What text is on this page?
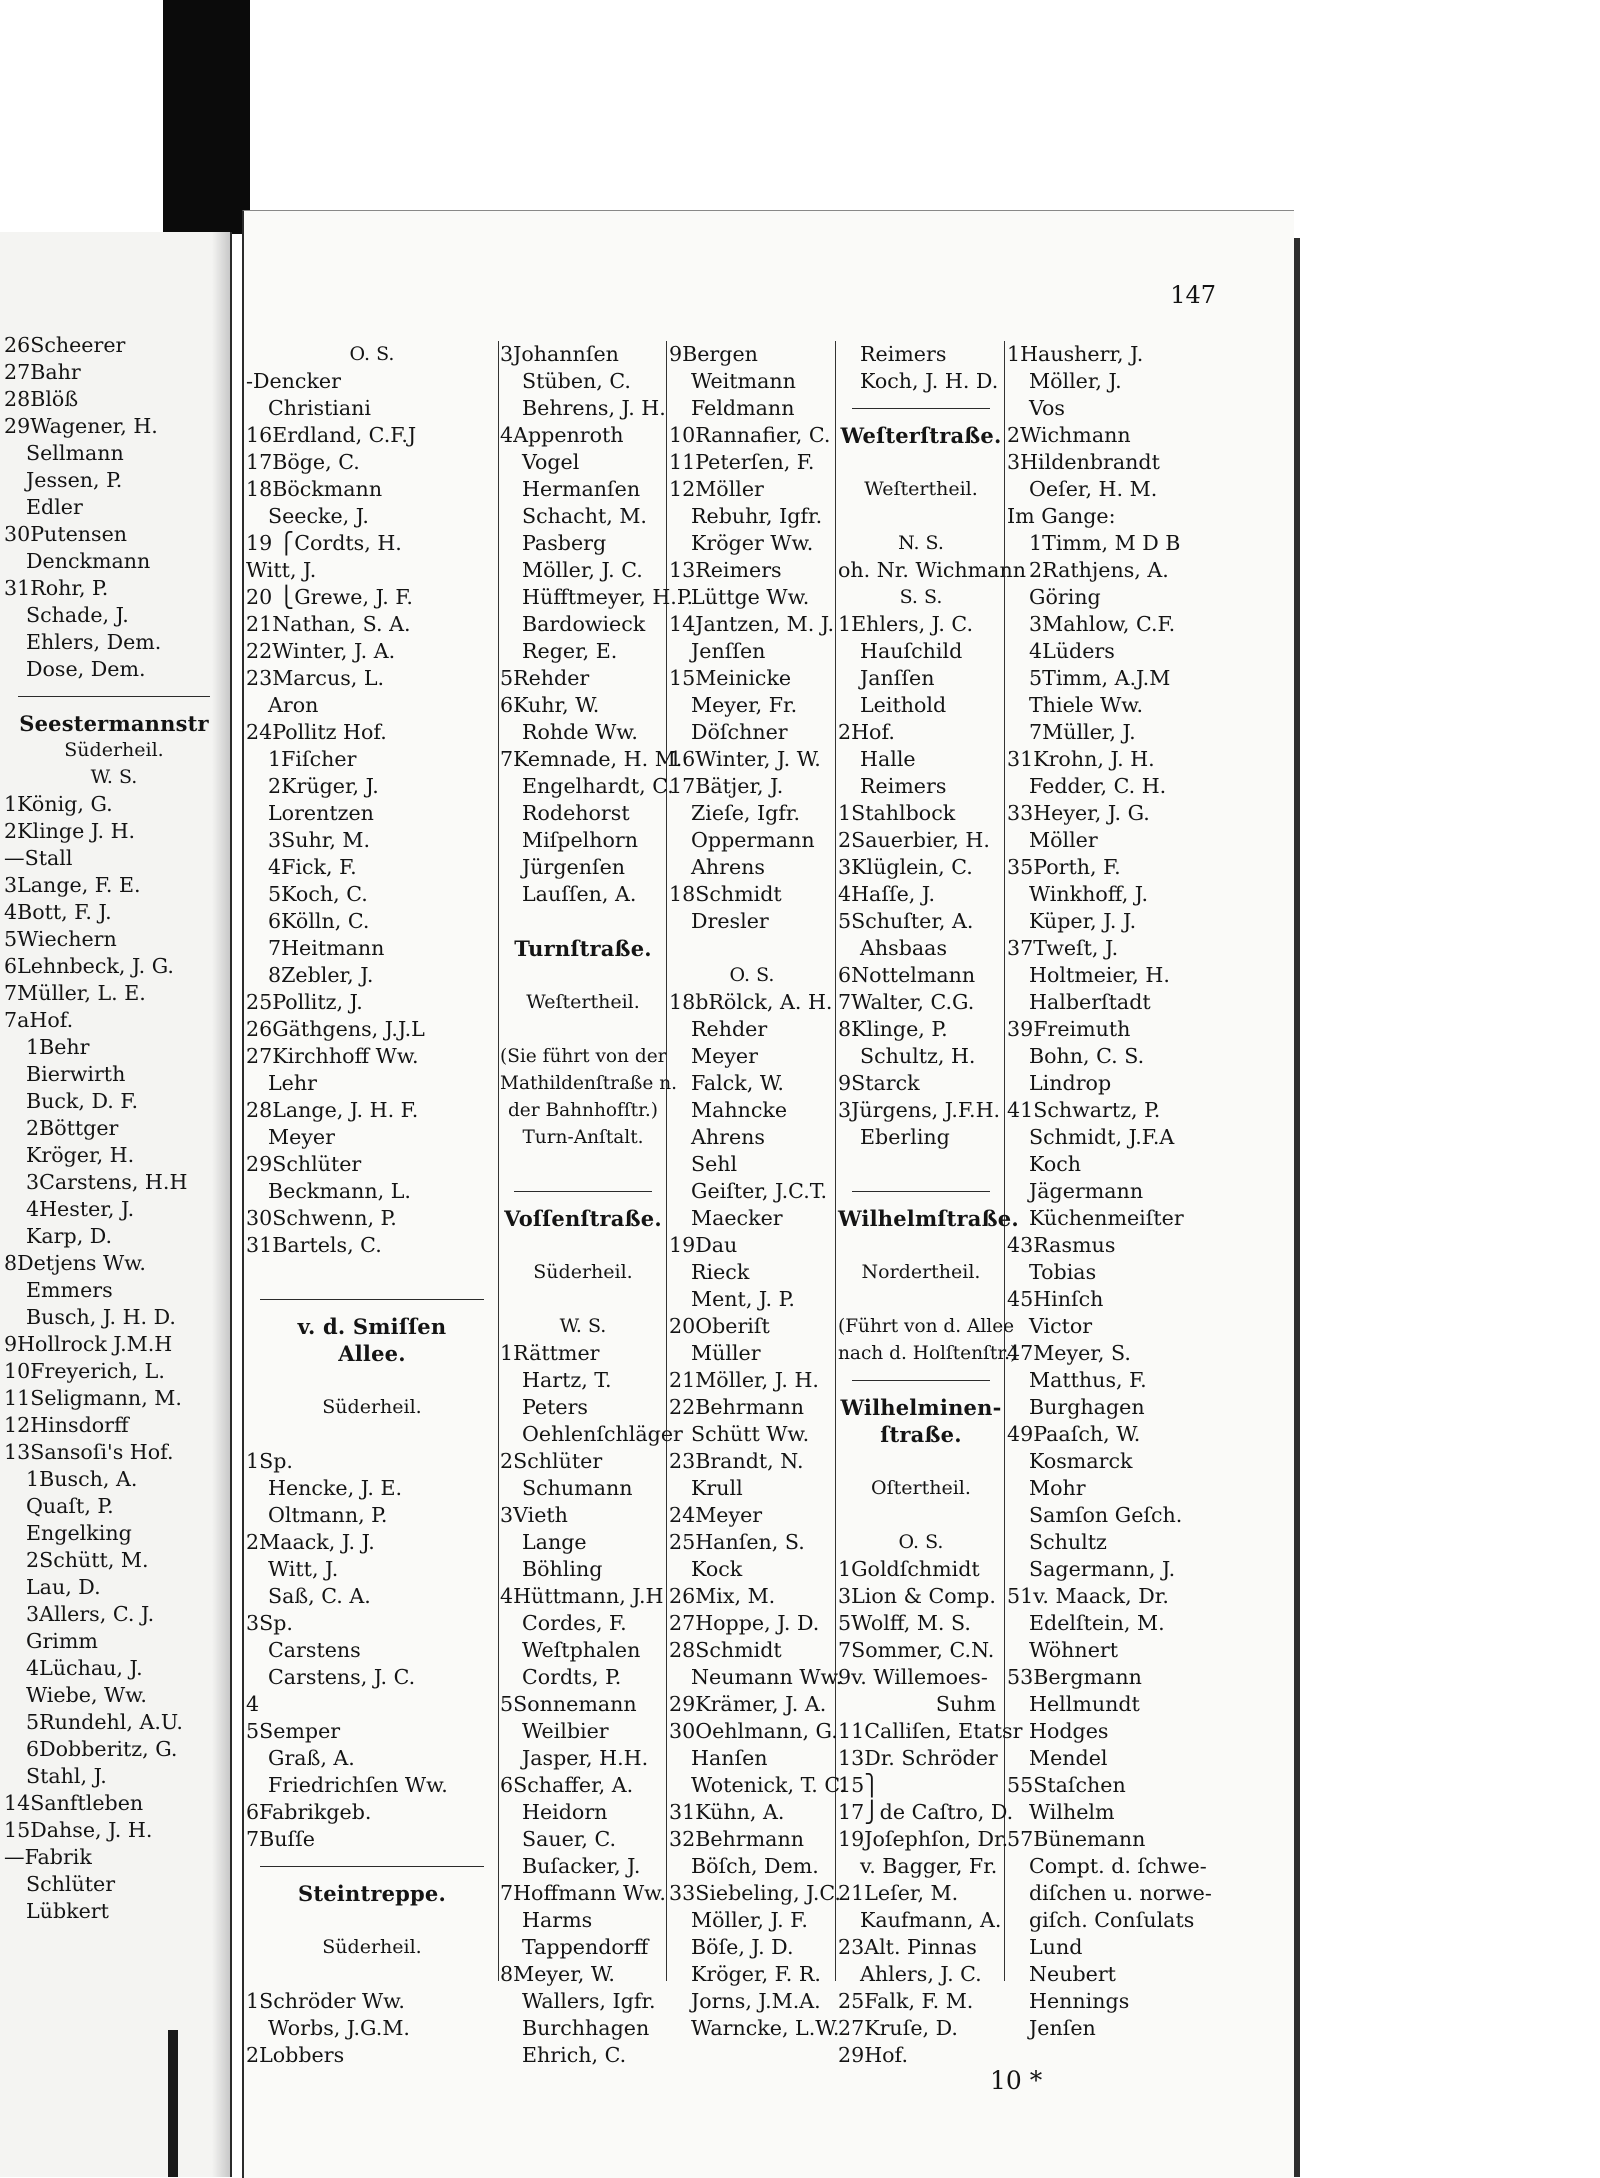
26Scheerer
27Bahr
28Blöß
29Wagener, H.
Sellmann
Jessen, P.
Edler
30Putensen
Denckmann
31Rohr, P.
Schade, J.
Ehlers, Dem.
Dose, Dem.
Seestermannstr
Süderheil.
W. S.
1König, G.
2Klinge J. H.
—Stall
3Lange, F. E.
4Bott, F. J.
5Wiechern
6Lehnbeck, J. G.
7Müller, L. E.
7aHof.
1Behr
Bierwirth
Buck, D. F.
2Böttger
Kröger, H.
3Carstens, H.H
4Hester, J.
Karp, D.
8Detjens Ww.
Emmers
Busch, J. H. D.
9Hollrock J.M.H
10Freyerich, L.
11Seligmann, M.
12Hinsdorff
13Sansoſi's Hof.
1Busch, A.
Quaſt, P.
Engelking
2Schütt, M.
Lau, D.
3Allers, C. J.
Grimm
4Lüchau, J.
Wiebe, Ww.
5Rundehl, A.U.
6Dobberitz, G.
Stahl, J.
14Sanftleben
15Dahse, J. H.
—Fabrik
Schlüter
Lübkert
147
O. S.
-Dencker
Christiani
16Erdland, C.F.J
17Böge, C.
18Böckmann
Seecke, J.
19 ⎧Cordts, H.
Witt, J.
20 ⎩Grewe, J. F.
21Nathan, S. A.
22Winter, J. A.
23Marcus, L.
Aron
24Pollitz Hof.
1Fiſcher
2Krüger, J.
Lorentzen
3Suhr, M.
4Fick, F.
5Koch, C.
6Kölln, C.
7Heitmann
8Zebler, J.
25Pollitz, J.
26Gäthgens, J.J.L
27Kirchhoff Ww.
Lehr
28Lange, J. H. F.
Meyer
29Schlüter
Beckmann, L.
30Schwenn, P.
31Bartels, C.
v. d. Smiſſen
Allee.
Süderheil.
1Sp.
Hencke, J. E.
Oltmann, P.
2Maack, J. J.
Witt, J.
Saß, C. A.
3Sp.
Carstens
Carstens, J. C.
4
5Semper
Graß, A.
Friedrichſen Ww.
6Fabrikgeb.
7Buſſe
Steintreppe.
Süderheil.
1Schröder Ww.
Worbs, J.G.M.
2Lobbers
3Johannſen
Stüben, C.
Behrens, J. H.
4Appenroth
Vogel
Hermanſen
Schacht, M.
Pasberg
Möller, J. C.
Hüfftmeyer, H.P.
Bardowieck
Reger, E.
5Rehder
6Kuhr, W.
Rohde Ww.
7Kemnade, H. M.
Engelhardt, C.
Rodehorst
Miſpelhorn
Jürgenſen
Lauſſen, A.
Turnſtraße.
Weſtertheil.
(Sie führt von der
Mathildenſtraße n.
der Bahnhofſtr.)
Turn-Anſtalt.
Voſſenſtraße.
Süderheil.
W. S.
1Rättmer
Hartz, T.
Peters
Oehlenſchläger
2Schlüter
Schumann
3Vieth
Lange
Böhling
4Hüttmann, J.H
Cordes, F.
Weſtphalen
Cordts, P.
5Sonnemann
Weilbier
Jasper, H.H.
6Schaffer, A.
Heidorn
Sauer, C.
Buſacker, J.
7Hoffmann Ww.
Harms
Tappendorff
8Meyer, W.
Wallers, Igfr.
Burchhagen
Ehrich, C.
9Bergen
Weitmann
Feldmann
10Rannafier, C.
11Peterſen, F.
12Möller
Rebuhr, Igfr.
Kröger Ww.
13Reimers
Lüttge Ww.
14Jantzen, M. J.
Jenſſen
15Meinicke
Meyer, Fr.
Döſchner
16Winter, J. W.
17Bätjer, J.
Zieſe, Igfr.
Oppermann
Ahrens
18Schmidt
Dresler
O. S.
18bRölck, A. H.
Rehder
Meyer
Falck, W.
Mahncke
Ahrens
Sehl
Geiſter, J.C.T.
Maecker
19Dau
Rieck
Ment, J. P.
20Oberiſt
Müller
21Möller, J. H.
22Behrmann
Schütt Ww.
23Brandt, N.
Krull
24Meyer
25Hanſen, S.
Kock
26Mix, M.
27Hoppe, J. D.
28Schmidt
Neumann Ww.
29Krämer, J. A.
30Oehlmann, G.
Hanſen
Wotenick, T. C.
31Kühn, A.
32Behrmann
Böſch, Dem.
33Siebeling, J.C.
Möller, J. F.
Böſe, J. D.
Kröger, F. R.
Jorns, J.M.A.
Warncke, L.W.
Reimers
Koch, J. H. D.
Weſterſtraße.
Weſtertheil.
N. S.
oh. Nr. Wichmann
S. S.
1Ehlers, J. C.
Hauſchild
Janſſen
Leithold
2Hof.
Halle
Reimers
1Stahlbock
2Sauerbier, H.
3Klüglein, C.
4Haſſe, J.
5Schuſter, A.
Ahsbaas
6Nottelmann
7Walter, C.G.
8Klinge, P.
Schultz, H.
9Starck
3Jürgens, J.F.H.
Eberling
Wilhelmſtraße.
Nordertheil.
(Führt von d. Allee
nach d. Holſtenſtr.)
Wilhelminen-
ſtraße.
Oſtertheil.
O. S.
1Goldſchmidt
3Lion & Comp.
5Wolff, M. S.
7Sommer, C.N.
9v. Willemoes-
Suhm
11Calliſen, Etatsr
13Dr. Schröder
15⎫
17⎭de Caſtro, D.
19Joſephſon, Dr.
v. Bagger, Fr.
21Leſer, M.
Kaufmann, A.
23Alt. Pinnas
Ahlers, J. C.
25Falk, F. M.
27Kruſe, D.
29Hof.
1Hausherr, J.
Möller, J.
Vos
2Wichmann
3Hildenbrandt
Oeſer, H. M.
Im Gange:
1Timm, M D B
2Rathjens, A.
Göring
3Mahlow, C.F.
4Lüders
5Timm, A.J.M
Thiele Ww.
7Müller, J.
31Krohn, J. H.
Fedder, C. H.
33Heyer, J. G.
Möller
35Porth, F.
Winkhoff, J.
Küper, J. J.
37Tweſt, J.
Holtmeier, H.
Halberſtadt
39Freimuth
Bohn, C. S.
Lindrop
41Schwartz, P.
Schmidt, J.F.A
Koch
Jägermann
Küchenmeiſter
43Rasmus
Tobias
45Hinſch
Victor
47Meyer, S.
Matthus, F.
Burghagen
49Paaſch, W.
Kosmarck
Mohr
Samſon Geſch.
Schultz
Sagermann, J.
51v. Maack, Dr.
Edelſtein, M.
Wöhnert
53Bergmann
Hellmundt
Hodges
Mendel
55Staſchen
Wilhelm
57Bünemann
Compt. d. ſchwe-
diſchen u. norwe-
giſch. Conſulats
Lund
Neubert
Hennings
Jenſen
10 *
